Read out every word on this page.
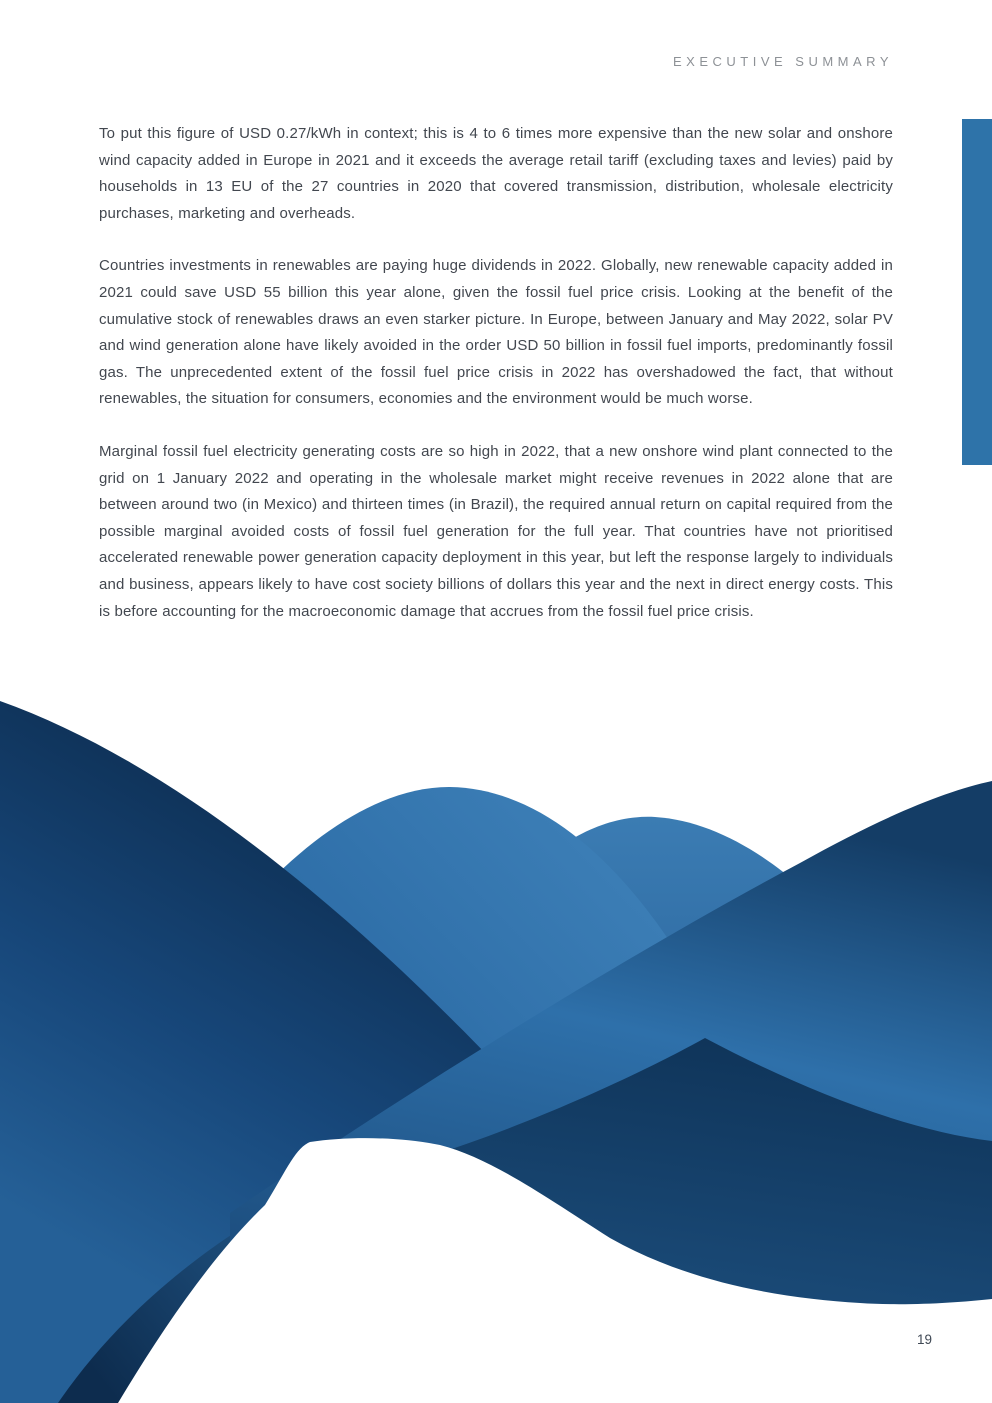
EXECUTIVE SUMMARY

To put this figure of USD 0.27/kWh in context; this is 4 to 6 times more expensive than the new solar and onshore wind capacity added in Europe in 2021 and it exceeds the average retail tariff (excluding taxes and levies) paid by households in 13 EU of the 27 countries in 2020 that covered transmission, distribution, wholesale electricity purchases, marketing and overheads.

Countries investments in renewables are paying huge dividends in 2022. Globally, new renewable capacity added in 2021 could save USD 55 billion this year alone, given the fossil fuel price crisis. Looking at the benefit of the cumulative stock of renewables draws an even starker picture. In Europe, between January and May 2022, solar PV and wind generation alone have likely avoided in the order USD 50 billion in fossil fuel imports, predominantly fossil gas. The unprecedented extent of the fossil fuel price crisis in 2022 has overshadowed the fact, that without renewables, the situation for consumers, economies and the environment would be much worse.

Marginal fossil fuel electricity generating costs are so high in 2022, that a new onshore wind plant connected to the grid on 1 January 2022 and operating in the wholesale market might receive revenues in 2022 alone that are between around two (in Mexico) and thirteen times (in Brazil), the required annual return on capital required from the possible marginal avoided costs of fossil fuel generation for the full year. That countries have not prioritised accelerated renewable power generation capacity deployment in this year, but left the response largely to individuals and business, appears likely to have cost society billions of dollars this year and the next in direct energy costs. This is before accounting for the macroeconomic damage that accrues from the fossil fuel price crisis.

19
